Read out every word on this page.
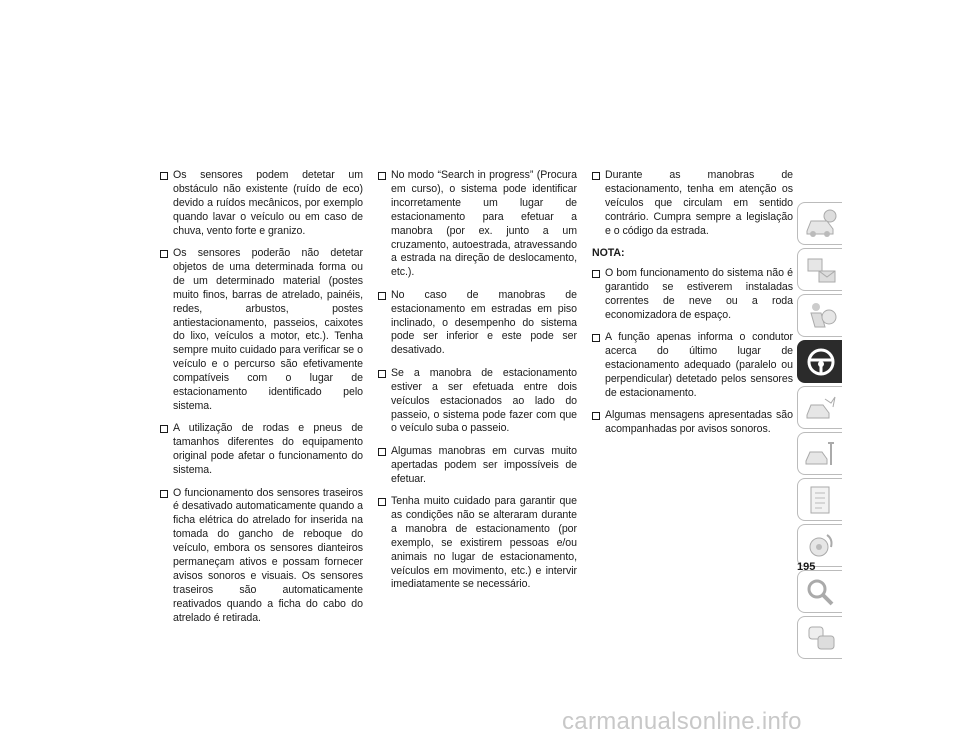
Os sensores podem detetar um obstáculo não existente (ruído de eco) devido a ruídos mecânicos, por exemplo quando lavar o veículo ou em caso de chuva, vento forte e granizo.
Os sensores poderão não detetar objetos de uma determinada forma ou de um determinado material (postes muito finos, barras de atrelado, painéis, redes, arbustos, postes antiestacionamento, passeios, caixotes do lixo, veículos a motor, etc.). Tenha sempre muito cuidado para verificar se o veículo e o percurso são efetivamente compatíveis com o lugar de estacionamento identificado pelo sistema.
A utilização de rodas e pneus de tamanhos diferentes do equipamento original pode afetar o funcionamento do sistema.
O funcionamento dos sensores traseiros é desativado automaticamente quando a ficha elétrica do atrelado for inserida na tomada do gancho de reboque do veículo, embora os sensores dianteiros permaneçam ativos e possam fornecer avisos sonoros e visuais. Os sensores traseiros são automaticamente reativados quando a ficha do cabo do atrelado é retirada.
No modo “Search in progress” (Procura em curso), o sistema pode identificar incorretamente um lugar de estacionamento para efetuar a manobra (por ex. junto a um cruzamento, autoestrada, atravessando a estrada na direção de deslocamento, etc.).
No caso de manobras de estacionamento em estradas em piso inclinado, o desempenho do sistema pode ser inferior e este pode ser desativado.
Se a manobra de estacionamento estiver a ser efetuada entre dois veículos estacionados ao lado do passeio, o sistema pode fazer com que o veículo suba o passeio.
Algumas manobras em curvas muito apertadas podem ser impossíveis de efetuar.
Tenha muito cuidado para garantir que as condições não se alteraram durante a manobra de estacionamento (por exemplo, se existirem pessoas e/ou animais no lugar de estacionamento, veículos em movimento, etc.) e intervir imediatamente se necessário.
Durante as manobras de estacionamento, tenha em atenção os veículos que circulam em sentido contrário. Cumpra sempre a legislação e o código da estrada.
NOTA:
O bom funcionamento do sistema não é garantido se estiverem instaladas correntes de neve ou a roda economizadora de espaço.
A função apenas informa o condutor acerca do último lugar de estacionamento adequado (paralelo ou perpendicular) detetado pelos sensores de estacionamento.
Algumas mensagens apresentadas são acompanhadas por avisos sonoros.
195
carmanualsonline.info
